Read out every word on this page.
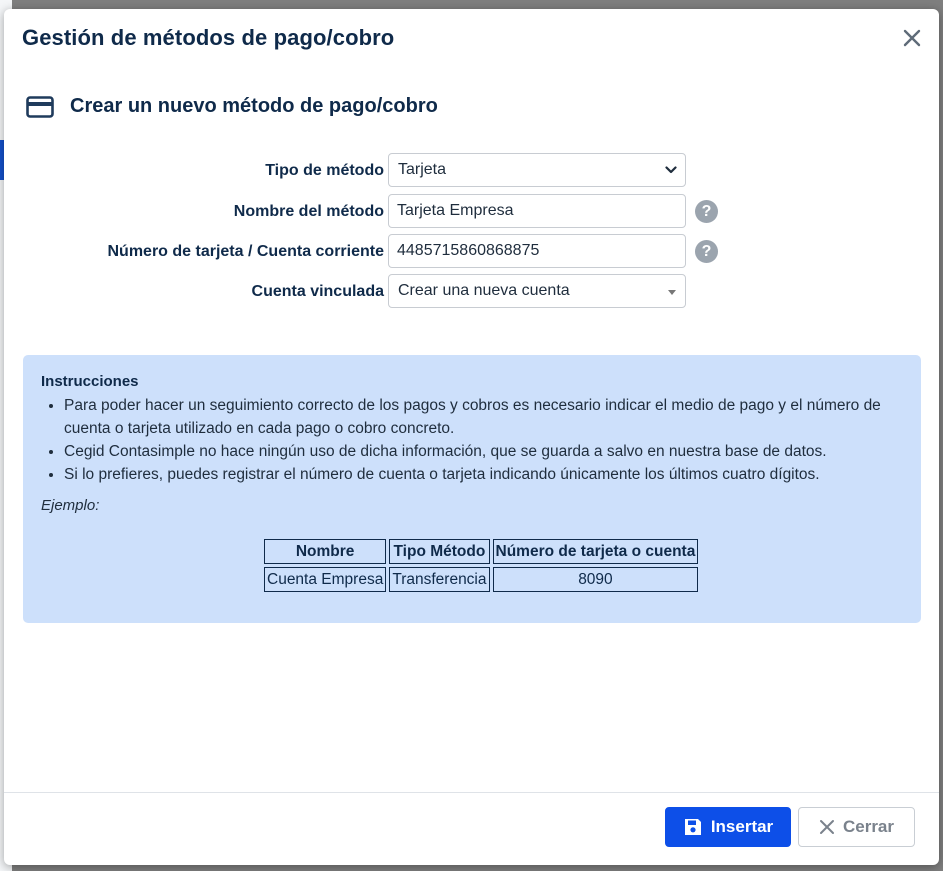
Gestión de métodos de pago/cobro
Crear un nuevo método de pago/cobro
Tipo de método Tarjeta
Nombre del método Tarjeta Empresa	?
Número de tarjeta / Cuenta corriente 4485715860868875	?
Cuenta vinculada Crear una nueva cuenta

Instrucciones

• Para poder hacer un seguimiento correcto de los pagos y cobros es necesario indicar el medio de pago y el número de cuenta o tarjeta utilizado en cada pago o cobro concreto.
• Cegid Contasimple no hace ningún uso de dicha información, que se guarda a salvo en nuestra base de datos.
• Si lo prefieres, puedes registrar el número de cuenta o tarjeta indicando únicamente los últimos cuatro dígitos.

Ejemplo:

Nombre	Tipo Método	Número de tarjeta o cuenta
Cuenta Empresa	Transferencia	8090
Insertar	Cerrar
